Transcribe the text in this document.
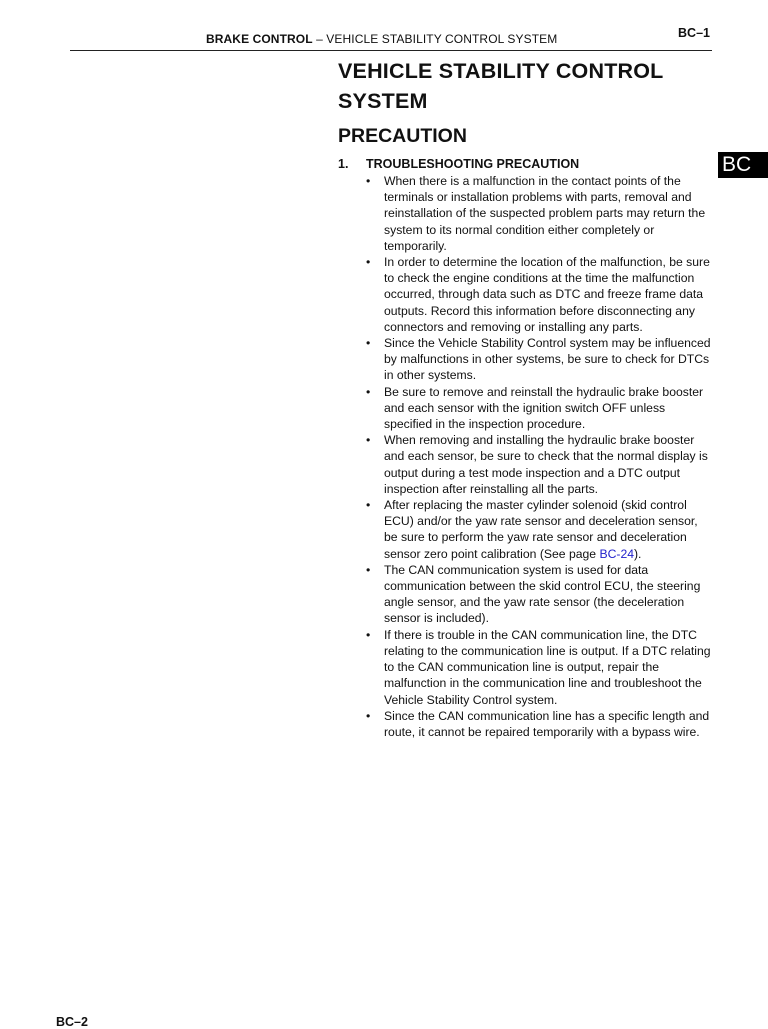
BRAKE CONTROL – VEHICLE STABILITY CONTROL SYSTEM	BC–1
VEHICLE STABILITY CONTROL SYSTEM
PRECAUTION
BC
1. TROUBLESHOOTING PRECAUTION
• When there is a malfunction in the contact points of the terminals or installation problems with parts, removal and reinstallation of the suspected problem parts may return the system to its normal condition either completely or temporarily.
• In order to determine the location of the malfunction, be sure to check the engine conditions at the time the malfunction occurred, through data such as DTC and freeze frame data outputs. Record this information before disconnecting any connectors and removing or installing any parts.
• Since the Vehicle Stability Control system may be influenced by malfunctions in other systems, be sure to check for DTCs in other systems.
• Be sure to remove and reinstall the hydraulic brake booster and each sensor with the ignition switch OFF unless specified in the inspection procedure.
• When removing and installing the hydraulic brake booster and each sensor, be sure to check that the normal display is output during a test mode inspection and a DTC output inspection after reinstalling all the parts.
• After replacing the master cylinder solenoid (skid control ECU) and/or the yaw rate sensor and deceleration sensor, be sure to perform the yaw rate sensor and deceleration sensor zero point calibration (See page BC-24).
• The CAN communication system is used for data communication between the skid control ECU, the steering angle sensor, and the yaw rate sensor (the deceleration sensor is included).
• If there is trouble in the CAN communication line, the DTC relating to the communication line is output. If a DTC relating to the CAN communication line is output, repair the malfunction in the communication line and troubleshoot the Vehicle Stability Control system.
• Since the CAN communication line has a specific length and route, it cannot be repaired temporarily with a bypass wire.
BC–2
